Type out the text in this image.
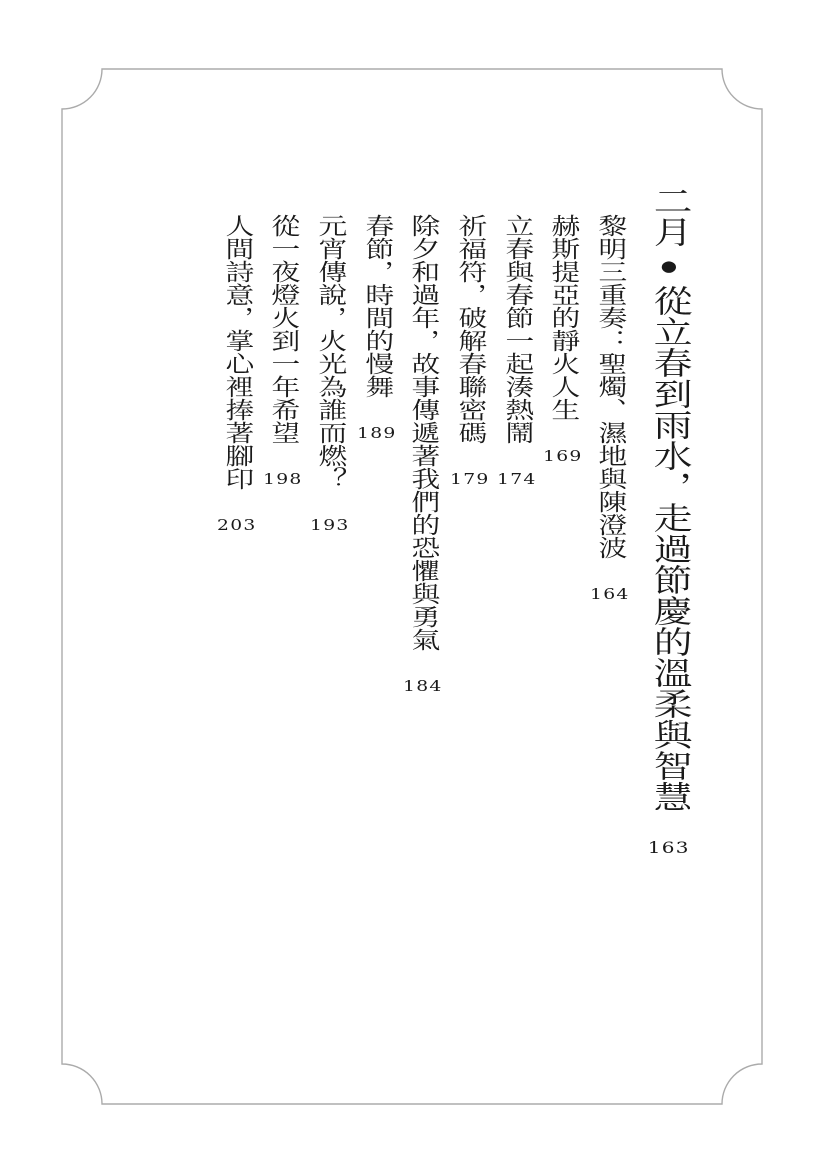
二月●從立春到雨水，走過節慶的溫柔與智慧163
黎明三重奏：聖燭、濕地與陳澄波164
赫斯提亞的靜火人生169
立春與春節一起湊熱鬧174
祈福符，破解春聯密碼179
除夕和過年，故事傳遞著我們的恐懼與勇氣184
春節，時間的慢舞189
元宵傳說，火光為誰而燃？193
從一夜燈火到一年希望198
人間詩意，掌心裡捧著腳印203
